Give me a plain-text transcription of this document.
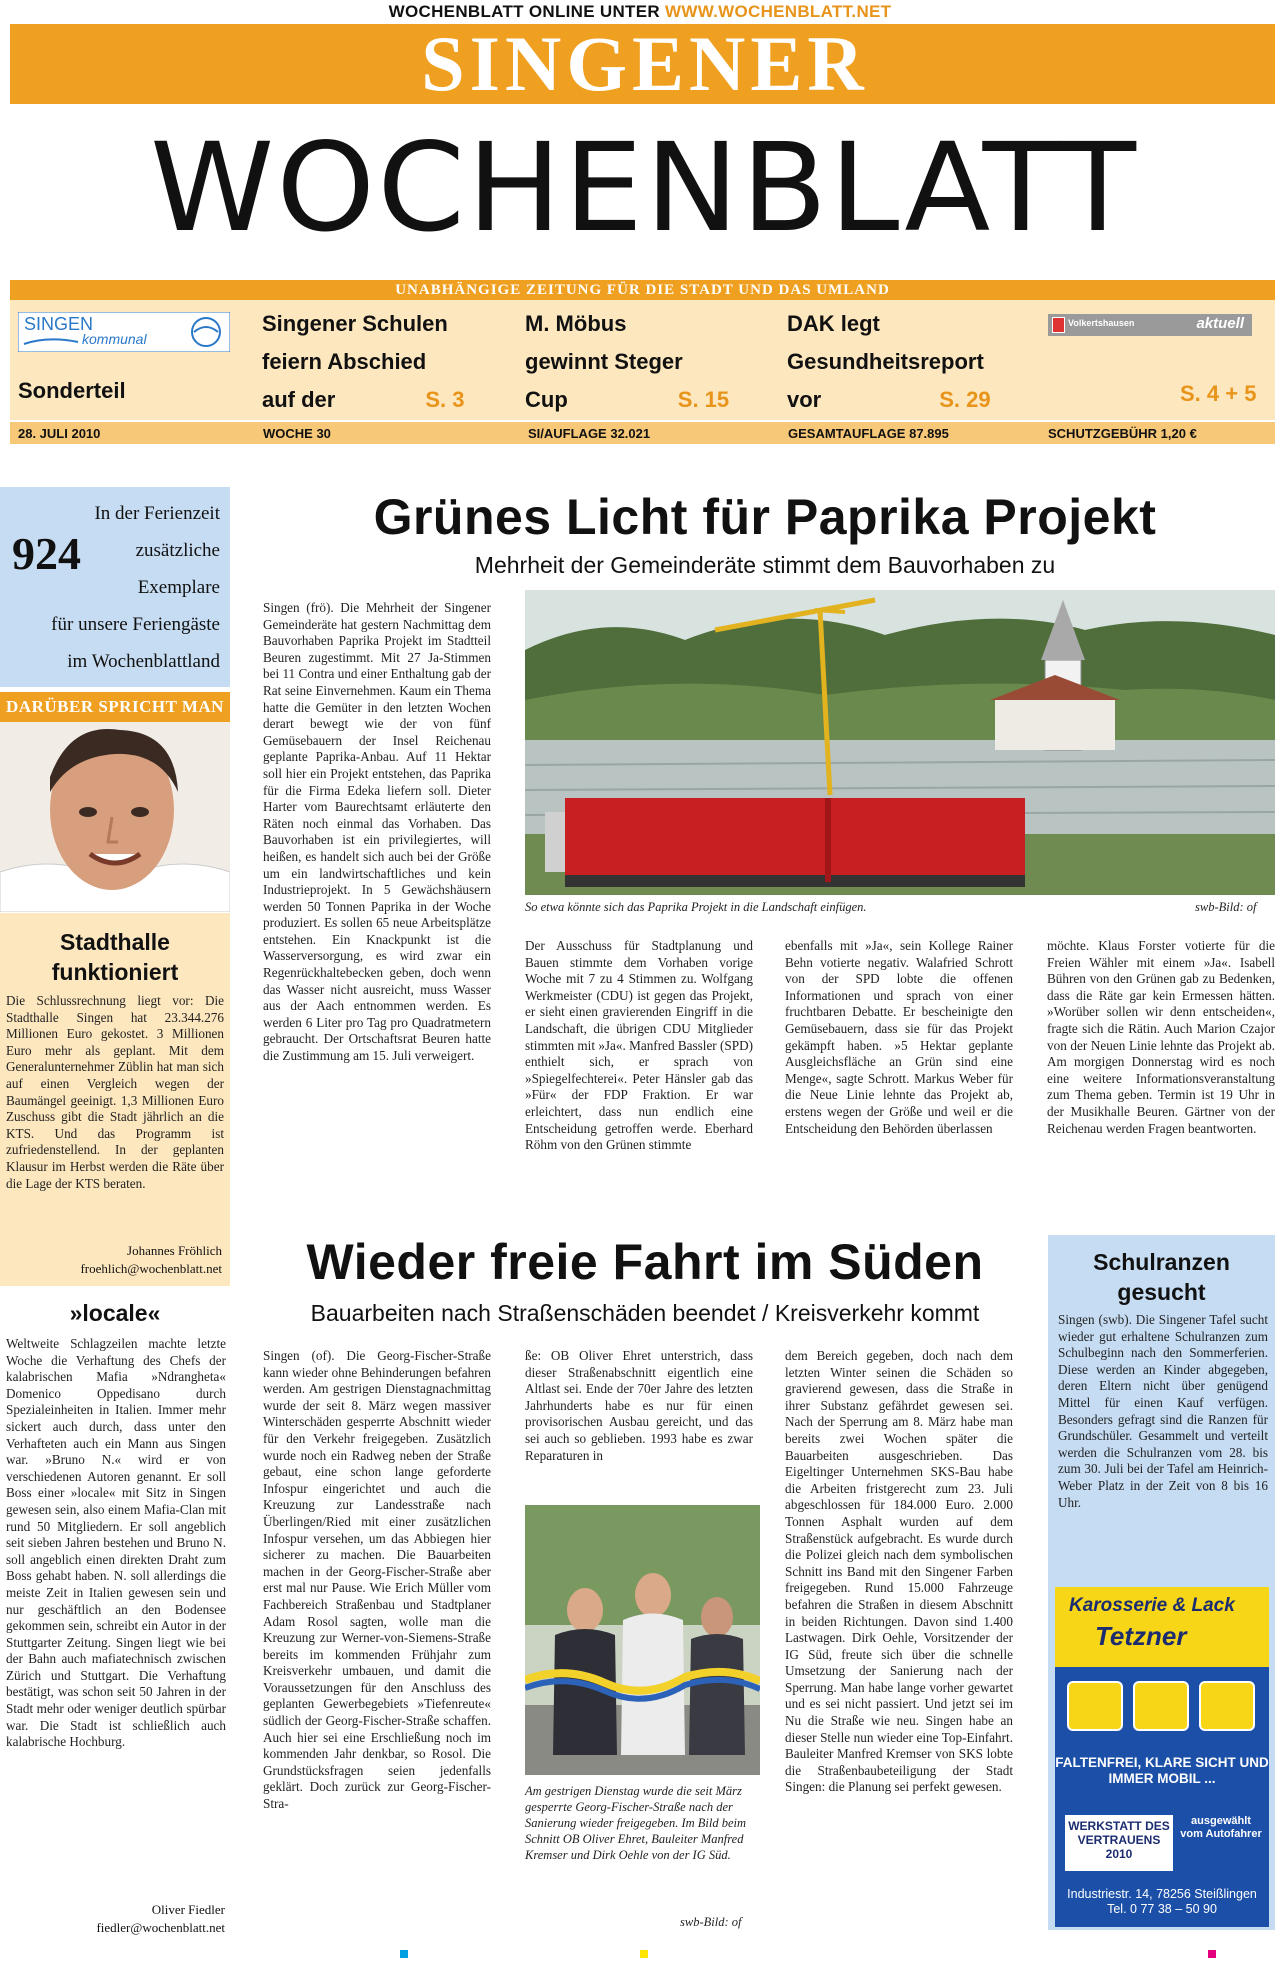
WOCHENBLATT ONLINE UNTER WWW.WOCHENBLATT.NET
SINGENER
WOCHENBLATT
UNABHÄNGIGE ZEITUNG FÜR DIE STADT UND DAS UMLAND
SINGEN
kommunal
Sonderteil
Singener Schulen
feiern Abschied
auf der	S. 3
M. Möbus
gewinnt Steger
Cup	S. 15
DAK legt
Gesundheitsreport
vor	S. 29
Volkertshausen	aktuell
S. 4 + 5
28. JULI 2010	WOCHE 30	SI/AUFLAGE 32.021	GESAMTAUFLAGE 87.895	SCHUTZGEBÜHR 1,20 €
In der Ferienzeit
924	zusätzliche
Exemplare
für unsere Feriengäste
im Wochenblattland
DARÜBER SPRICHT MAN
Stadthalle
funktioniert
Die Schlussrechnung liegt vor: Die Stadthalle Singen hat 23.344.276 Millionen Euro gekostet. 3 Millionen Euro mehr als geplant. Mit dem Generalunternehmer Züblin hat man sich auf einen Vergleich wegen der Baumängel geeinigt. 1,3 Millionen Euro Zuschuss gibt die Stadt jährlich an die KTS. Und das Programm ist zufriedenstellend. In der geplanten Klausur im Herbst werden die Räte über die Lage der KTS beraten.
Johannes Fröhlich
froehlich@wochenblatt.net
»locale«
Weltweite Schlagzeilen machte letzte Woche die Verhaftung des Chefs der kalabrischen Mafia »Ndrangheta« Domenico Oppedisano durch Spezialeinheiten in Italien. Immer mehr sickert auch durch, dass unter den Verhafteten auch ein Mann aus Singen war. »Bruno N.« wird er von verschiedenen Autoren genannt. Er soll Boss einer »locale« mit Sitz in Singen gewesen sein, also einem Mafia-Clan mit rund 50 Mitgliedern. Er soll angeblich seit sieben Jahren bestehen und Bruno N. soll angeblich einen direkten Draht zum Boss gehabt haben. N. soll allerdings die meiste Zeit in Italien gewesen sein und nur geschäftlich an den Bodensee gekommen sein, schreibt ein Autor in der Stuttgarter Zeitung. Singen liegt wie bei der Bahn auch mafiatechnisch zwischen Zürich und Stuttgart. Die Verhaftung bestätigt, was schon seit 50 Jahren in der Stadt mehr oder weniger deutlich spürbar war. Die Stadt ist schließlich auch kalabrische Hochburg.
Oliver Fiedler
fiedler@wochenblatt.net
Grünes Licht für Paprika Projekt
Mehrheit der Gemeinderäte stimmt dem Bauvorhaben zu
Singen (frö). Die Mehrheit der Singener Gemeinderäte hat gestern Nachmittag dem Bauvorhaben Paprika Projekt im Stadtteil Beuren zugestimmt. Mit 27 Ja-Stimmen bei 11 Contra und einer Enthaltung gab der Rat seine Einvernehmen. Kaum ein Thema hatte die Gemüter in den letzten Wochen derart bewegt wie der von fünf Gemüsebauern der Insel Reichenau geplante Paprika-Anbau. Auf 11 Hektar soll hier ein Projekt entstehen, das Paprika für die Firma Edeka liefern soll. Dieter Harter vom Baurechtsamt erläuterte den Räten noch einmal das Vorhaben. Das Bauvorhaben ist ein privilegiertes, will heißen, es handelt sich auch bei der Größe um ein landwirtschaftliches und kein Industrieprojekt. In 5 Gewächshäusern werden 50 Tonnen Paprika in der Woche produziert. Es sollen 65 neue Arbeitsplätze entstehen. Ein Knackpunkt ist die Wasserversorgung, es wird zwar ein Regenrückhaltebecken geben, doch wenn das Wasser nicht ausreicht, muss Wasser aus der Aach entnommen werden. Es werden 6 Liter pro Tag pro Quadratmetern gebraucht. Der Ortschaftsrat Beuren hatte die Zustimmung am 15. Juli verweigert.
So etwa könnte sich das Paprika Projekt in die Landschaft einfügen.	swb-Bild: of
Der Ausschuss für Stadtplanung und Bauen stimmte dem Vorhaben vorige Woche mit 7 zu 4 Stimmen zu. Wolfgang Werkmeister (CDU) ist gegen das Projekt, er sieht einen gravierenden Eingriff in die Landschaft, die übrigen CDU Mitglieder stimmten mit »Ja«. Manfred Bassler (SPD) enthielt sich, er sprach von »Spiegelfechterei«. Peter Hänsler gab das »Für« der FDP Fraktion. Er war erleichtert, dass nun endlich eine Entscheidung getroffen werde. Eberhard Röhm von den Grünen stimmte
ebenfalls mit »Ja«, sein Kollege Rainer Behn votierte negativ. Walafried Schrott von der SPD lobte die offenen Informationen und sprach von einer fruchtbaren Debatte. Er bescheinigte den Gemüsebauern, dass sie für das Projekt gekämpft haben. »5 Hektar geplante Ausgleichsfläche an Grün sind eine Menge«, sagte Schrott. Markus Weber für die Neue Linie lehnte das Projekt ab, erstens wegen der Größe und weil er die Entscheidung den Behörden überlassen
möchte. Klaus Forster votierte für die Freien Wähler mit einem »Ja«. Isabell Bühren von den Grünen gab zu Bedenken, dass die Räte gar kein Ermessen hätten. »Worüber sollen wir denn entscheiden«, fragte sich die Rätin. Auch Marion Czajor von der Neuen Linie lehnte das Projekt ab. Am morgigen Donnerstag wird es noch eine weitere Informationsveranstaltung zum Thema geben. Termin ist 19 Uhr in der Musikhalle Beuren. Gärtner von der Reichenau werden Fragen beantworten.
Wieder freie Fahrt im Süden
Bauarbeiten nach Straßenschäden beendet / Kreisverkehr kommt
Singen (of). Die Georg-Fischer-Straße kann wieder ohne Behinderungen befahren werden. Am gestrigen Dienstagnachmittag wurde der seit 8. März wegen massiver Winterschäden gesperrte Abschnitt wieder für den Verkehr freigegeben. Zusätzlich wurde noch ein Radweg neben der Straße gebaut, eine schon lange geforderte Infospur eingerichtet und auch die Kreuzung zur Landesstraße nach Überlingen/Ried mit einer zusätzlichen Infospur versehen, um das Abbiegen hier sicherer zu machen. Die Bauarbeiten machen in der Georg-Fischer-Straße aber erst mal nur Pause. Wie Erich Müller vom Fachbereich Straßenbau und Stadtplaner Adam Rosol sagten, wolle man die Kreuzung zur Werner-von-Siemens-Straße bereits im kommenden Frühjahr zum Kreisverkehr umbauen, und damit die Voraussetzungen für den Anschluss des geplanten Gewerbegebiets »Tiefenreute« südlich der Georg-Fischer-Straße schaffen. Auch hier sei eine Erschließung noch im kommenden Jahr denkbar, so Rosol. Die Grundstücksfragen seien jedenfalls geklärt. Doch zurück zur Georg-Fischer-Stra-
ße: OB Oliver Ehret unterstrich, dass dieser Straßenabschnitt eigentlich eine Altlast sei. Ende der 70er Jahre des letzten Jahrhunderts habe es nur für einen provisorischen Ausbau gereicht, und das sei auch so geblieben. 1993 habe es zwar Reparaturen in
Am gestrigen Dienstag wurde die seit März gesperrte Georg-Fischer-Straße nach der Sanierung wieder freigegeben. Im Bild beim Schnitt OB Oliver Ehret, Bauleiter Manfred Kremser und Dirk Oehle von der IG Süd.
swb-Bild: of
dem Bereich gegeben, doch nach dem letzten Winter seinen die Schäden so gravierend gewesen, dass die Straße in ihrer Substanz gefährdet gewesen sei. Nach der Sperrung am 8. März habe man bereits zwei Wochen später die Bauarbeiten ausgeschrieben. Das Eigeltinger Unternehmen SKS-Bau habe die Arbeiten fristgerecht zum 23. Juli abgeschlossen für 184.000 Euro. 2.000 Tonnen Asphalt wurden auf dem Straßenstück aufgebracht. Es wurde durch die Polizei gleich nach dem symbolischen Schnitt ins Band mit den Singener Farben freigegeben. Rund 15.000 Fahrzeuge befahren die Straßen in diesem Abschnitt in beiden Richtungen. Davon sind 1.400 Lastwagen. Dirk Oehle, Vorsitzender der IG Süd, freute sich über die schnelle Umsetzung der Sanierung nach der Sperrung. Man habe lange vorher gewartet und es sei nicht passiert. Und jetzt sei im Nu die Straße wie neu. Singen habe an dieser Stelle nun wieder eine Top-Einfahrt. Bauleiter Manfred Kremser von SKS lobte die Straßenbaubeteiligung der Stadt Singen: die Planung sei perfekt gewesen.
Schulranzen
gesucht
Singen (swb). Die Singener Tafel sucht wieder gut erhaltene Schulranzen zum Schulbeginn nach den Sommerferien. Diese werden an Kinder abgegeben, deren Eltern nicht über genügend Mittel für einen Kauf verfügen. Besonders gefragt sind die Ranzen für Grundschüler. Gesammelt und verteilt werden die Schulranzen vom 28. bis zum 30. Juli bei der Tafel am Heinrich-Weber Platz in der Zeit von 8 bis 16 Uhr.
Karosserie & Lack
Tetzner
FALTENFREI, KLARE SICHT UND IMMER MOBIL ...
WERKSTATT DES VERTRAUENS 2010
ausgewählt vom Autofahrer
Industriestr. 14, 78256 Steißlingen
Tel. 0 77 38 – 50 90
